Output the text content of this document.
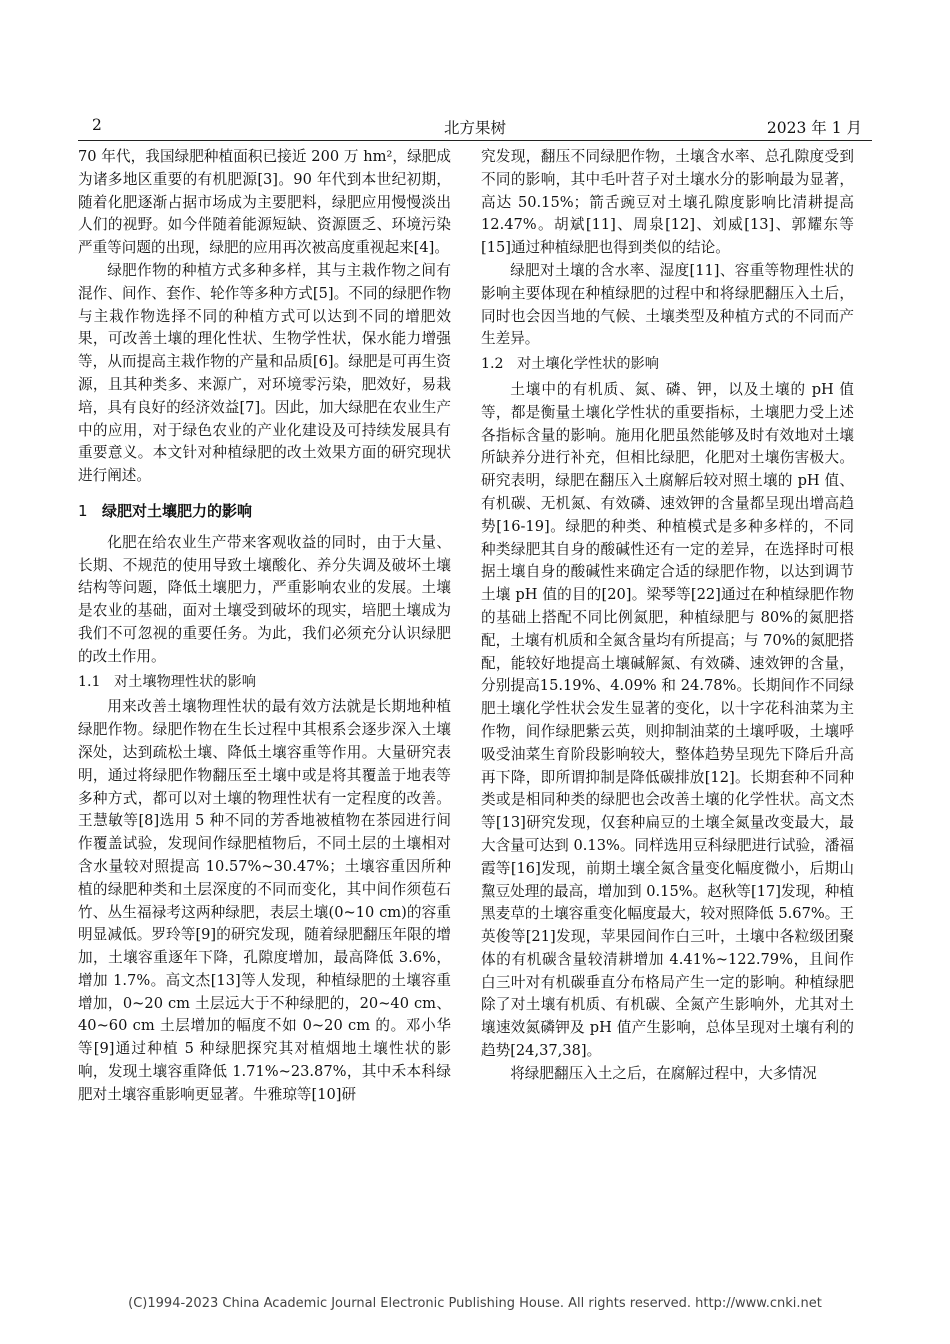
2	北方果树	2023 年 1 月

70 年代，我国绿肥种植面积已接近 200 万 hm²，绿肥成为诸多地区重要的有机肥源[3]。90 年代到本世纪初期，随着化肥逐渐占据市场成为主要肥料，绿肥应用慢慢淡出人们的视野。如今伴随着能源短缺、资源匮乏、环境污染严重等问题的出现，绿肥的应用再次被高度重视起来[4]。

绿肥作物的种植方式多种多样，其与主栽作物之间有混作、间作、套作、轮作等多种方式[5]。不同的绿肥作物与主栽作物选择不同的种植方式可以达到不同的增肥效果，可改善土壤的理化性状、生物学性状，保水能力增强等，从而提高主栽作物的产量和品质[6]。绿肥是可再生资源，且其种类多、来源广，对环境零污染，肥效好，易栽培，具有良好的经济效益[7]。因此，加大绿肥在农业生产中的应用，对于绿色农业的产业化建设及可持续发展具有重要意义。本文针对种植绿肥的改土效果方面的研究现状进行阐述。

1 绿肥对土壤肥力的影响

化肥在给农业生产带来客观收益的同时，由于大量、长期、不规范的使用导致土壤酸化、养分失调及破坏土壤结构等问题，降低土壤肥力，严重影响农业的发展。土壤是农业的基础，面对土壤受到破坏的现实，培肥土壤成为我们不可忽视的重要任务。为此，我们必须充分认识绿肥的改土作用。

1.1 对土壤物理性状的影响

用来改善土壤物理性状的最有效方法就是长期地种植绿肥作物。绿肥作物在生长过程中其根系会逐步深入土壤深处，达到疏松土壤、降低土壤容重等作用。大量研究表明，通过将绿肥作物翻压至土壤中或是将其覆盖于地表等多种方式，都可以对土壤的物理性状有一定程度的改善。王慧敏等[8]选用 5 种不同的芳香地被植物在茶园进行间作覆盖试验，发现间作绿肥植物后，不同土层的土壤相对含水量较对照提高 10.57%~30.47%；土壤容重因所种植的绿肥种类和土层深度的不同而变化，其中间作须苞石竹、丛生福禄考这两种绿肥，表层土壤(0~10 cm)的容重明显减低。罗玲等[9]的研究发现，随着绿肥翻压年限的增加，土壤容重逐年下降，孔隙度增加，最高降低 3.6%，增加 1.7%。高文杰[13]等人发现，种植绿肥的土壤容重增加，0~20 cm 土层远大于不种绿肥的，20~40 cm、40~60 cm 土层增加的幅度不如 0~20 cm 的。邓小华等[9]通过种植 5 种绿肥探究其对植烟地土壤性状的影响，发现土壤容重降低 1.71%~23.87%，其中禾本科绿肥对土壤容重影响更显著。牛雅琼等[10]研

究发现，翻压不同绿肥作物，土壤含水率、总孔隙度受到不同的影响，其中毛叶苕子对土壤水分的影响最为显著，高达 50.15%；箭舌豌豆对土壤孔隙度影响比清耕提高 12.47%。胡斌[11]、周泉[12]、刘威[13]、郭耀东等[15]通过种植绿肥也得到类似的结论。

绿肥对土壤的含水率、湿度[11]、容重等物理性状的影响主要体现在种植绿肥的过程中和将绿肥翻压入土后，同时也会因当地的气候、土壤类型及种植方式的不同而产生差异。

1.2 对土壤化学性状的影响

土壤中的有机质、氮、磷、钾，以及土壤的 pH 值等，都是衡量土壤化学性状的重要指标，土壤肥力受上述各指标含量的影响。施用化肥虽然能够及时有效地对土壤所缺养分进行补充，但相比绿肥，化肥对土壤伤害极大。研究表明，绿肥在翻压入土腐解后较对照土壤的 pH 值、有机碳、无机氮、有效磷、速效钾的含量都呈现出增高趋势[16-19]。绿肥的种类、种植模式是多种多样的，不同种类绿肥其自身的酸碱性还有一定的差异，在选择时可根据土壤自身的酸碱性来确定合适的绿肥作物，以达到调节土壤 pH 值的目的[20]。梁琴等[22]通过在种植绿肥作物的基础上搭配不同比例氮肥，种植绿肥与 80%的氮肥搭配，土壤有机质和全氮含量均有所提高；与 70%的氮肥搭配，能较好地提高土壤碱解氮、有效磷、速效钾的含量，分别提高15.19%、4.09% 和 24.78%。长期间作不同绿肥土壤化学性状会发生显著的变化，以十字花科油菜为主作物，间作绿肥紫云英，则抑制油菜的土壤呼吸，土壤呼吸受油菜生育阶段影响较大，整体趋势呈现先下降后升高再下降，即所谓抑制是降低碳排放[12]。长期套种不同种类或是相同种类的绿肥也会改善土壤的化学性状。高文杰等[13]研究发现，仅套种扁豆的土壤全氮量改变最大，最大含量可达到 0.13%。同样选用豆科绿肥进行试验，潘福霞等[16]发现，前期土壤全氮含量变化幅度微小，后期山黧豆处理的最高，增加到 0.15%。赵秋等[17]发现，种植黑麦草的土壤容重变化幅度最大，较对照降低 5.67%。王英俊等[21]发现，苹果园间作白三叶，土壤中各粒级团聚体的有机碳含量较清耕增加 4.41%~122.79%，且间作白三叶对有机碳垂直分布格局产生一定的影响。种植绿肥除了对土壤有机质、有机碳、全氮产生影响外，尤其对土壤速效氮磷钾及 pH 值产生影响，总体呈现对土壤有利的趋势[24,37,38]。

将绿肥翻压入土之后，在腐解过程中，大多情况

(C)1994-2023 China Academic Journal Electronic Publishing House. All rights reserved. http://www.cnki.net
